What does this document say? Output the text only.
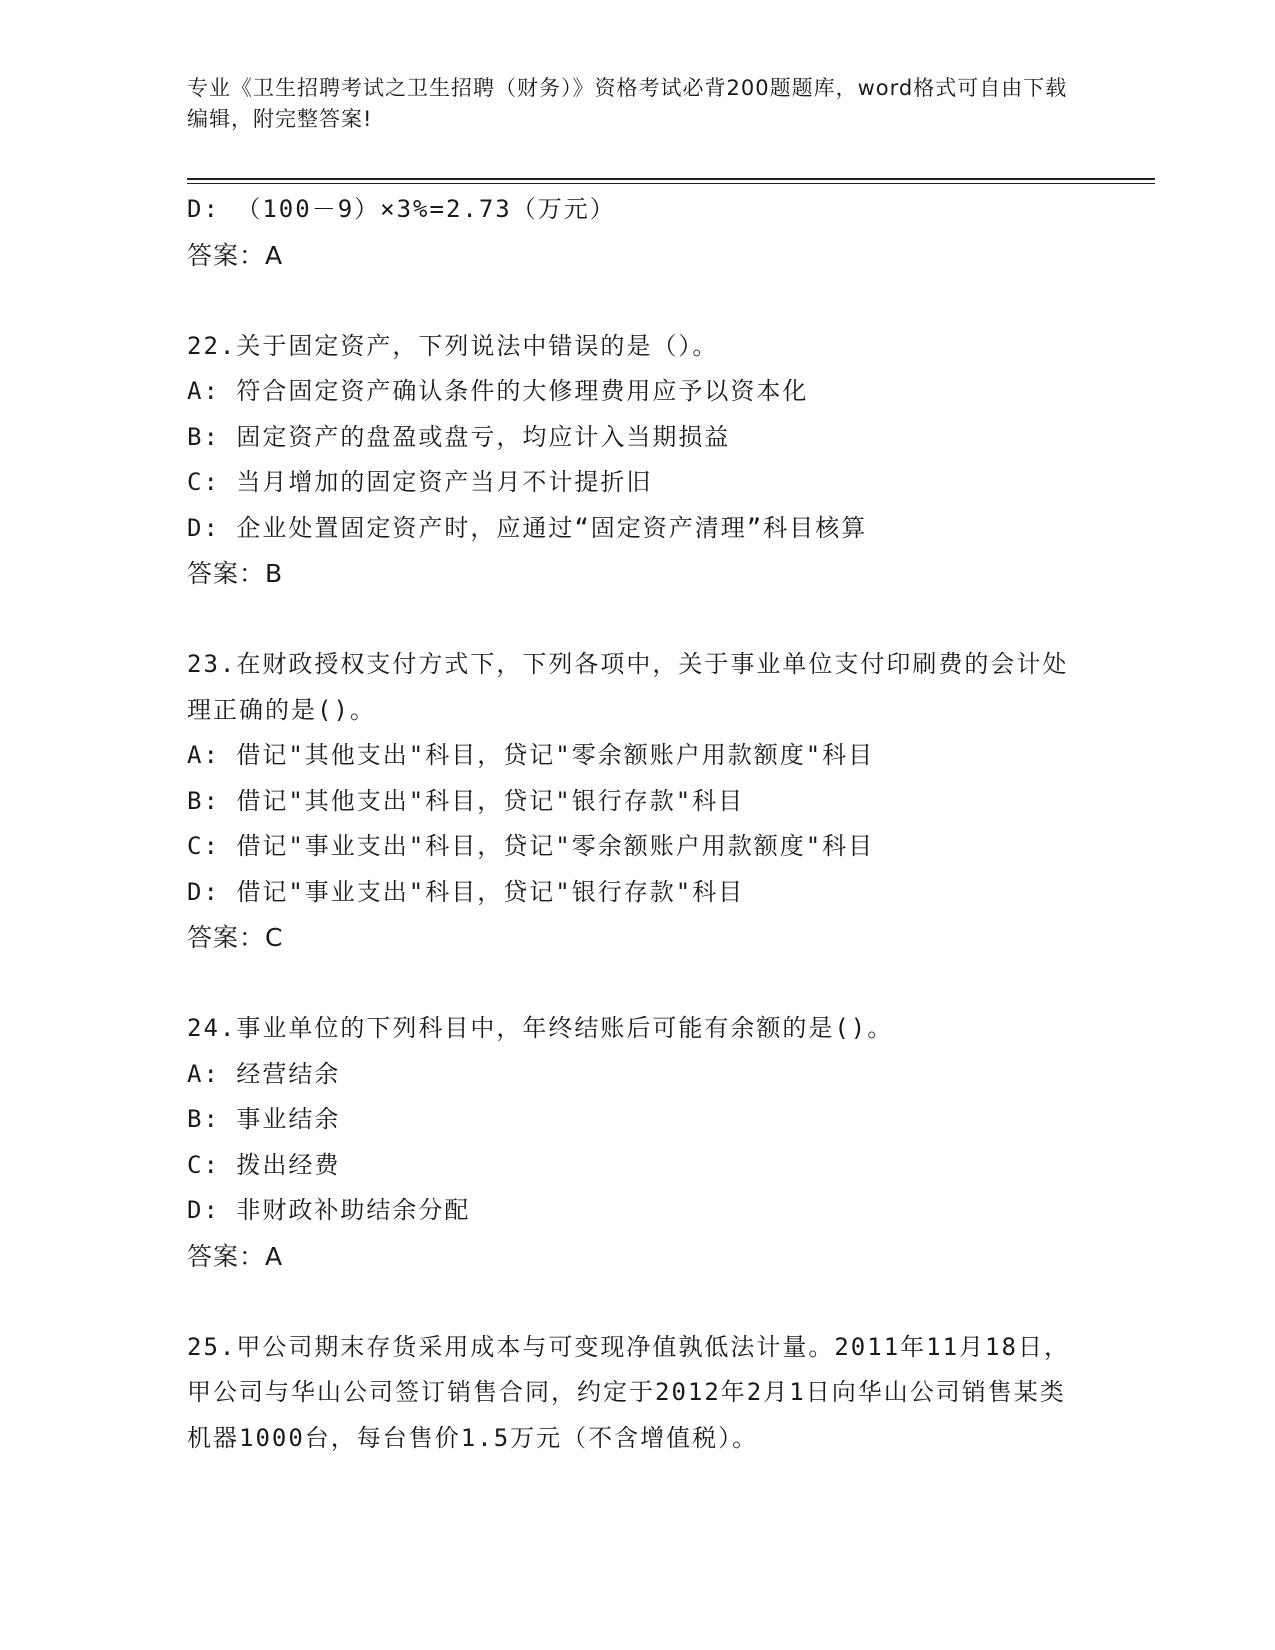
专业《卫生招聘考试之卫生招聘（财务）》资格考试必背200题题库，word格式可自由下载编辑，附完整答案!
D: （100－9）×3%=2.73（万元）
答案：A
22.关于固定资产，下列说法中错误的是（）。
A: 符合固定资产确认条件的大修理费用应予以资本化
B: 固定资产的盘盈或盘亏，均应计入当期损益
C: 当月增加的固定资产当月不计提折旧
D: 企业处置固定资产时，应通过“固定资产清理”科目核算
答案：B
23.在财政授权支付方式下，下列各项中，关于事业单位支付印刷费的会计处理正确的是()。
A: 借记"其他支出"科目，贷记"零余额账户用款额度"科目
B: 借记"其他支出"科目，贷记"银行存款"科目
C: 借记"事业支出"科目，贷记"零余额账户用款额度"科目
D: 借记"事业支出"科目，贷记"银行存款"科目
答案：C
24.事业单位的下列科目中，年终结账后可能有余额的是()。
A: 经营结余
B: 事业结余
C: 拨出经费
D: 非财政补助结余分配
答案：A
25.甲公司期末存货采用成本与可变现净值孰低法计量。2011年11月18日，甲公司与华山公司签订销售合同，约定于2012年2月1日向华山公司销售某类机器1000台，每台售价1.5万元（不含增值税）。
